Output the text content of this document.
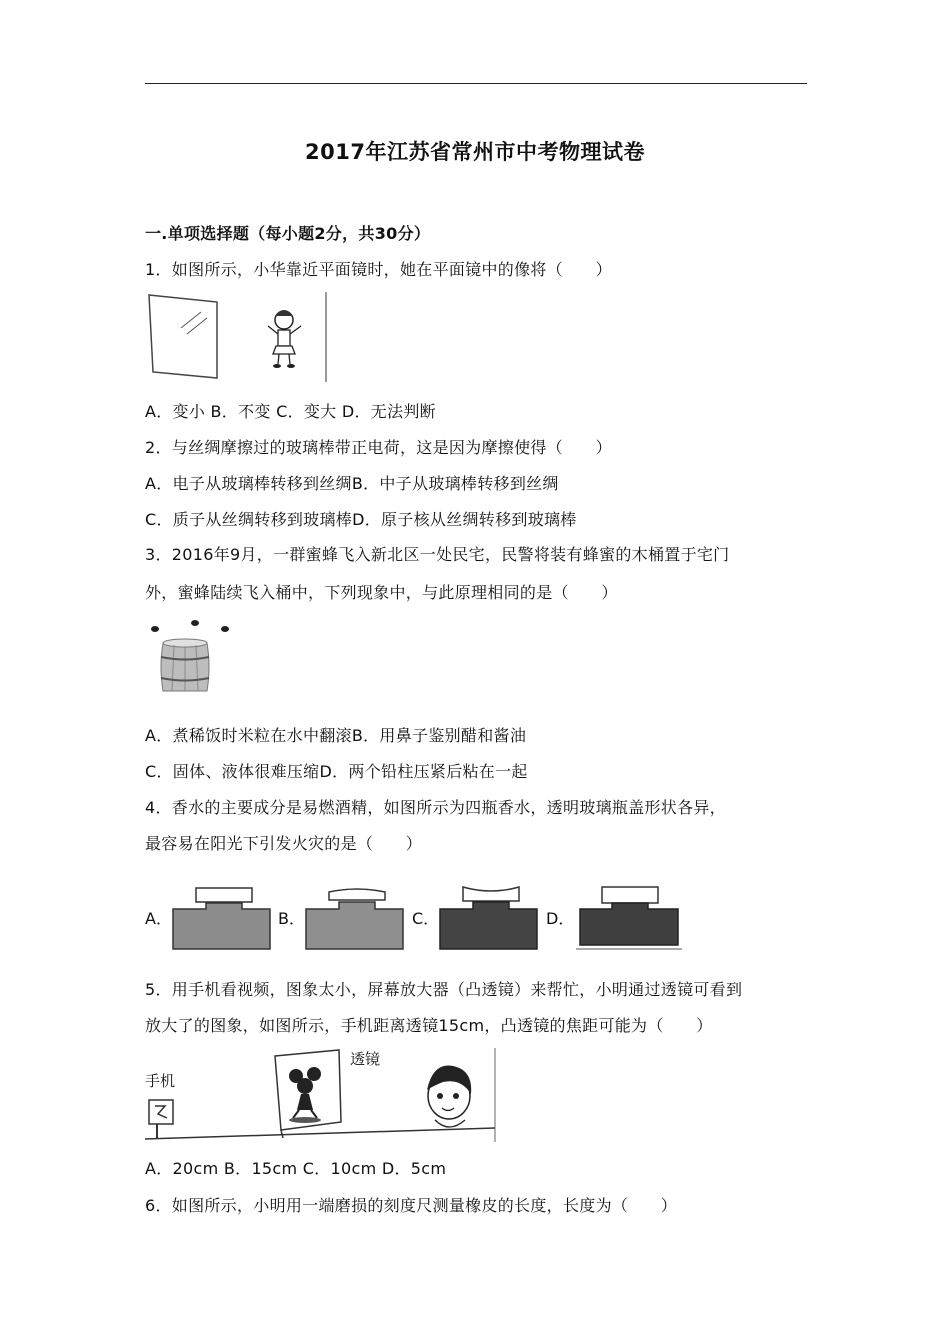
2017年江苏省常州市中考物理试卷
一.单项选择题（每小题2分，共30分）
1．如图所示，小华靠近平面镜时，她在平面镜中的像将（　　）
A．变小 B．不变 C．变大 D．无法判断
2．与丝绸摩擦过的玻璃棒带正电荷，这是因为摩擦使得（　　）
A．电子从玻璃棒转移到丝绸B．中子从玻璃棒转移到丝绸
C．质子从丝绸转移到玻璃棒D．原子核从丝绸转移到玻璃棒
3．2016年9月，一群蜜蜂飞入新北区一处民宅，民警将装有蜂蜜的木桶置于宅门
外，蜜蜂陆续飞入桶中，下列现象中，与此原理相同的是（　　）
A．煮稀饭时米粒在水中翻滚B．用鼻子鉴别醋和酱油
C．固体、液体很难压缩D．两个铅柱压紧后粘在一起
4．香水的主要成分是易燃酒精，如图所示为四瓶香水，透明玻璃瓶盖形状各异，
最容易在阳光下引发火灾的是（　　）
A．	B．	C．	D．
5．用手机看视频，图象太小，屏幕放大器（凸透镜）来帮忙，小明通过透镜可看到
放大了的图象，如图所示，手机距离透镜15cm，凸透镜的焦距可能为（　　）
手机
透镜
A．20cm B．15cm C．10cm D．5cm
6．如图所示，小明用一端磨损的刻度尺测量橡皮的长度，长度为（　　）
